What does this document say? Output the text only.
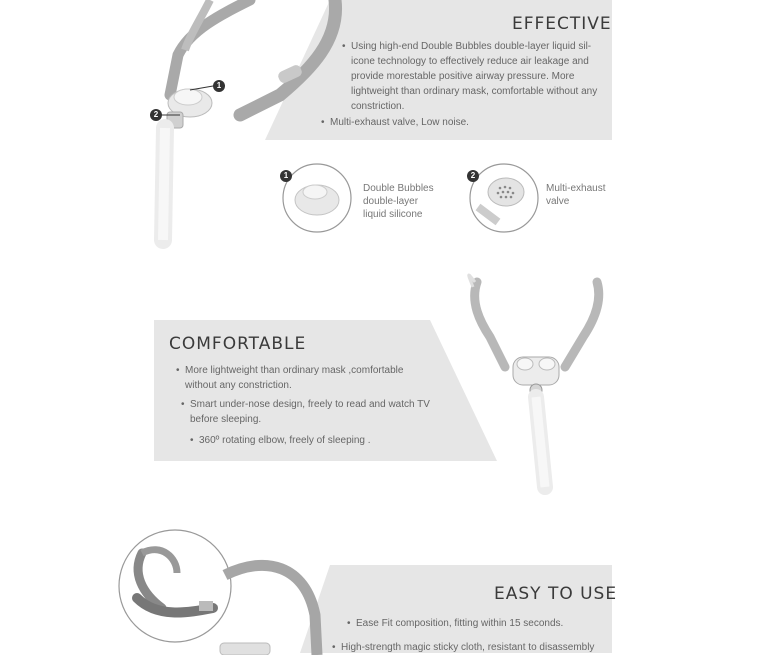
1
2
EFFECTIVE
• Using high-end Double Bubbles double-layer liquid sil-icone technology to effectively reduce air leakage and provide morestable positive airway pressure. More lightweight than ordinary mask, comfortable without any constriction.
• Multi-exhaust valve, Low noise.
1
Double Bubbles double-layer liquid silicone
2
Multi-exhaust valve
COMFORTABLE
• More lightweight than ordinary mask ,comfortable without any constriction.
• Smart under-nose design, freely to read and watch TV before sleeping.
• 360º rotating elbow, freely of sleeping .
EASY TO USE
• Ease Fit composition, fitting within 15 seconds.
• High-strength magic sticky cloth, resistant to disassembly
